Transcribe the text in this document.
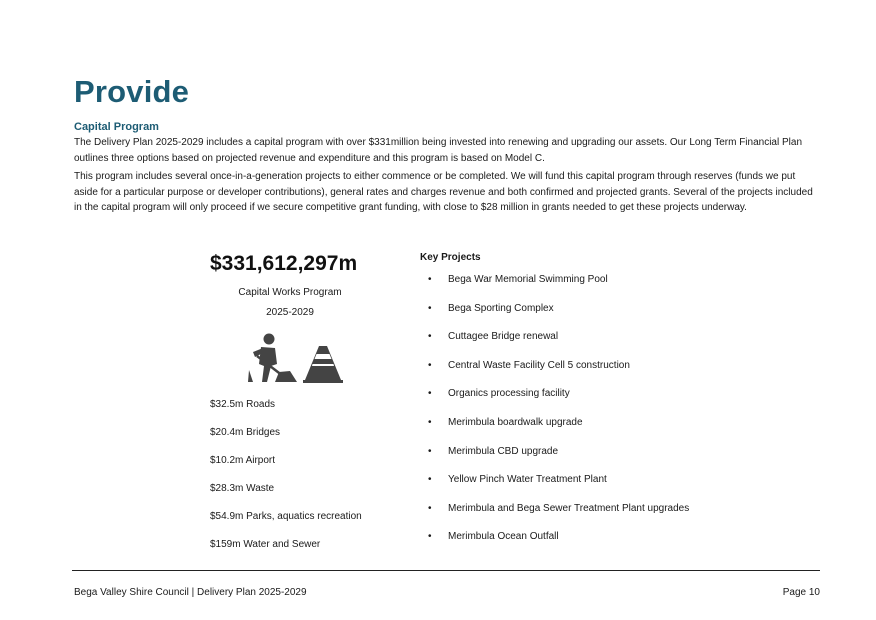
Provide
Capital Program

The Delivery Plan 2025-2029 includes a capital program with over $331million being invested into renewing and upgrading our assets. Our Long Term Financial Plan outlines three options based on projected revenue and expenditure and this program is based on Model C.

This program includes several once-in-a-generation projects to either commence or be completed. We will fund this capital program through reserves (funds we put aside for a particular purpose or developer contributions), general rates and charges revenue and both confirmed and projected grants. Several of the projects included in the capital program will only proceed if we secure competitive grant funding, with close to $28 million in grants needed to get these projects underway.

$331,612,297m
Capital Works Program
2025-2029
$32.5m Roads
$20.4m Bridges
$10.2m Airport
$28.3m Waste
$54.9m Parks, aquatics recreation
$159m Water and Sewer
Key Projects
• Bega War Memorial Swimming Pool
• Bega Sporting Complex
• Cuttagee Bridge renewal
• Central Waste Facility Cell 5 construction
• Organics processing facility
• Merimbula boardwalk upgrade
• Merimbula CBD upgrade
• Yellow Pinch Water Treatment Plant
• Merimbula and Bega Sewer Treatment Plant upgrades
• Merimbula Ocean Outfall
Bega Valley Shire Council | Delivery Plan 2025-2029	Page 10
